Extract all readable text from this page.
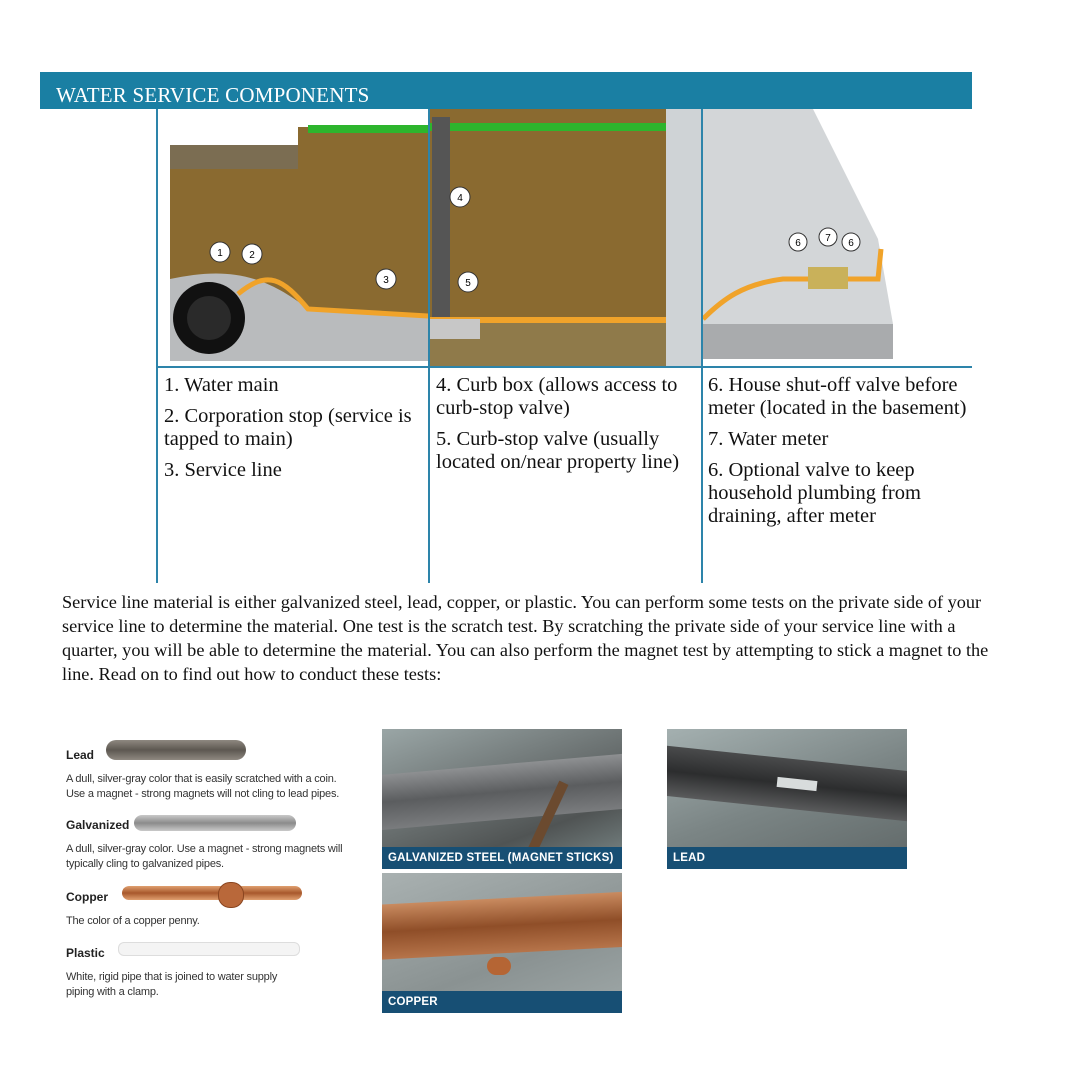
WATER SERVICE COMPONENTS
1	2
3
4
5
6 7 6

1. Water main

2. Corporation stop (service is tapped to main)

3. Service line

4. Curb box (allows access to curb-stop valve)

5. Curb-stop valve (usually located on/near property line)

6. House shut-off valve before meter (located in the basement)

7. Water meter

6. Optional valve to keep household plumbing from draining, after meter

Service line material is either galvanized steel, lead, copper, or plastic. You can perform some tests on the private side of your service line to determine the material. One test is the scratch test. By scratching the private side of your service line with a quarter, you will be able to determine the material. You can also perform the magnet test by attempting to stick a magnet to the line. Read on to find out how to conduct these tests:
Lead
A dull, silver-gray color that is easily scratched with a coin. Use a magnet - strong magnets will not cling to lead pipes.
Galvanized
A dull, silver-gray color. Use a magnet - strong magnets will typically cling to galvanized pipes.
Copper
The color of a copper penny.
Plastic
White, rigid pipe that is joined to water supply piping with a clamp.
GALVANIZED STEEL (MAGNET STICKS)	LEAD
COPPER
